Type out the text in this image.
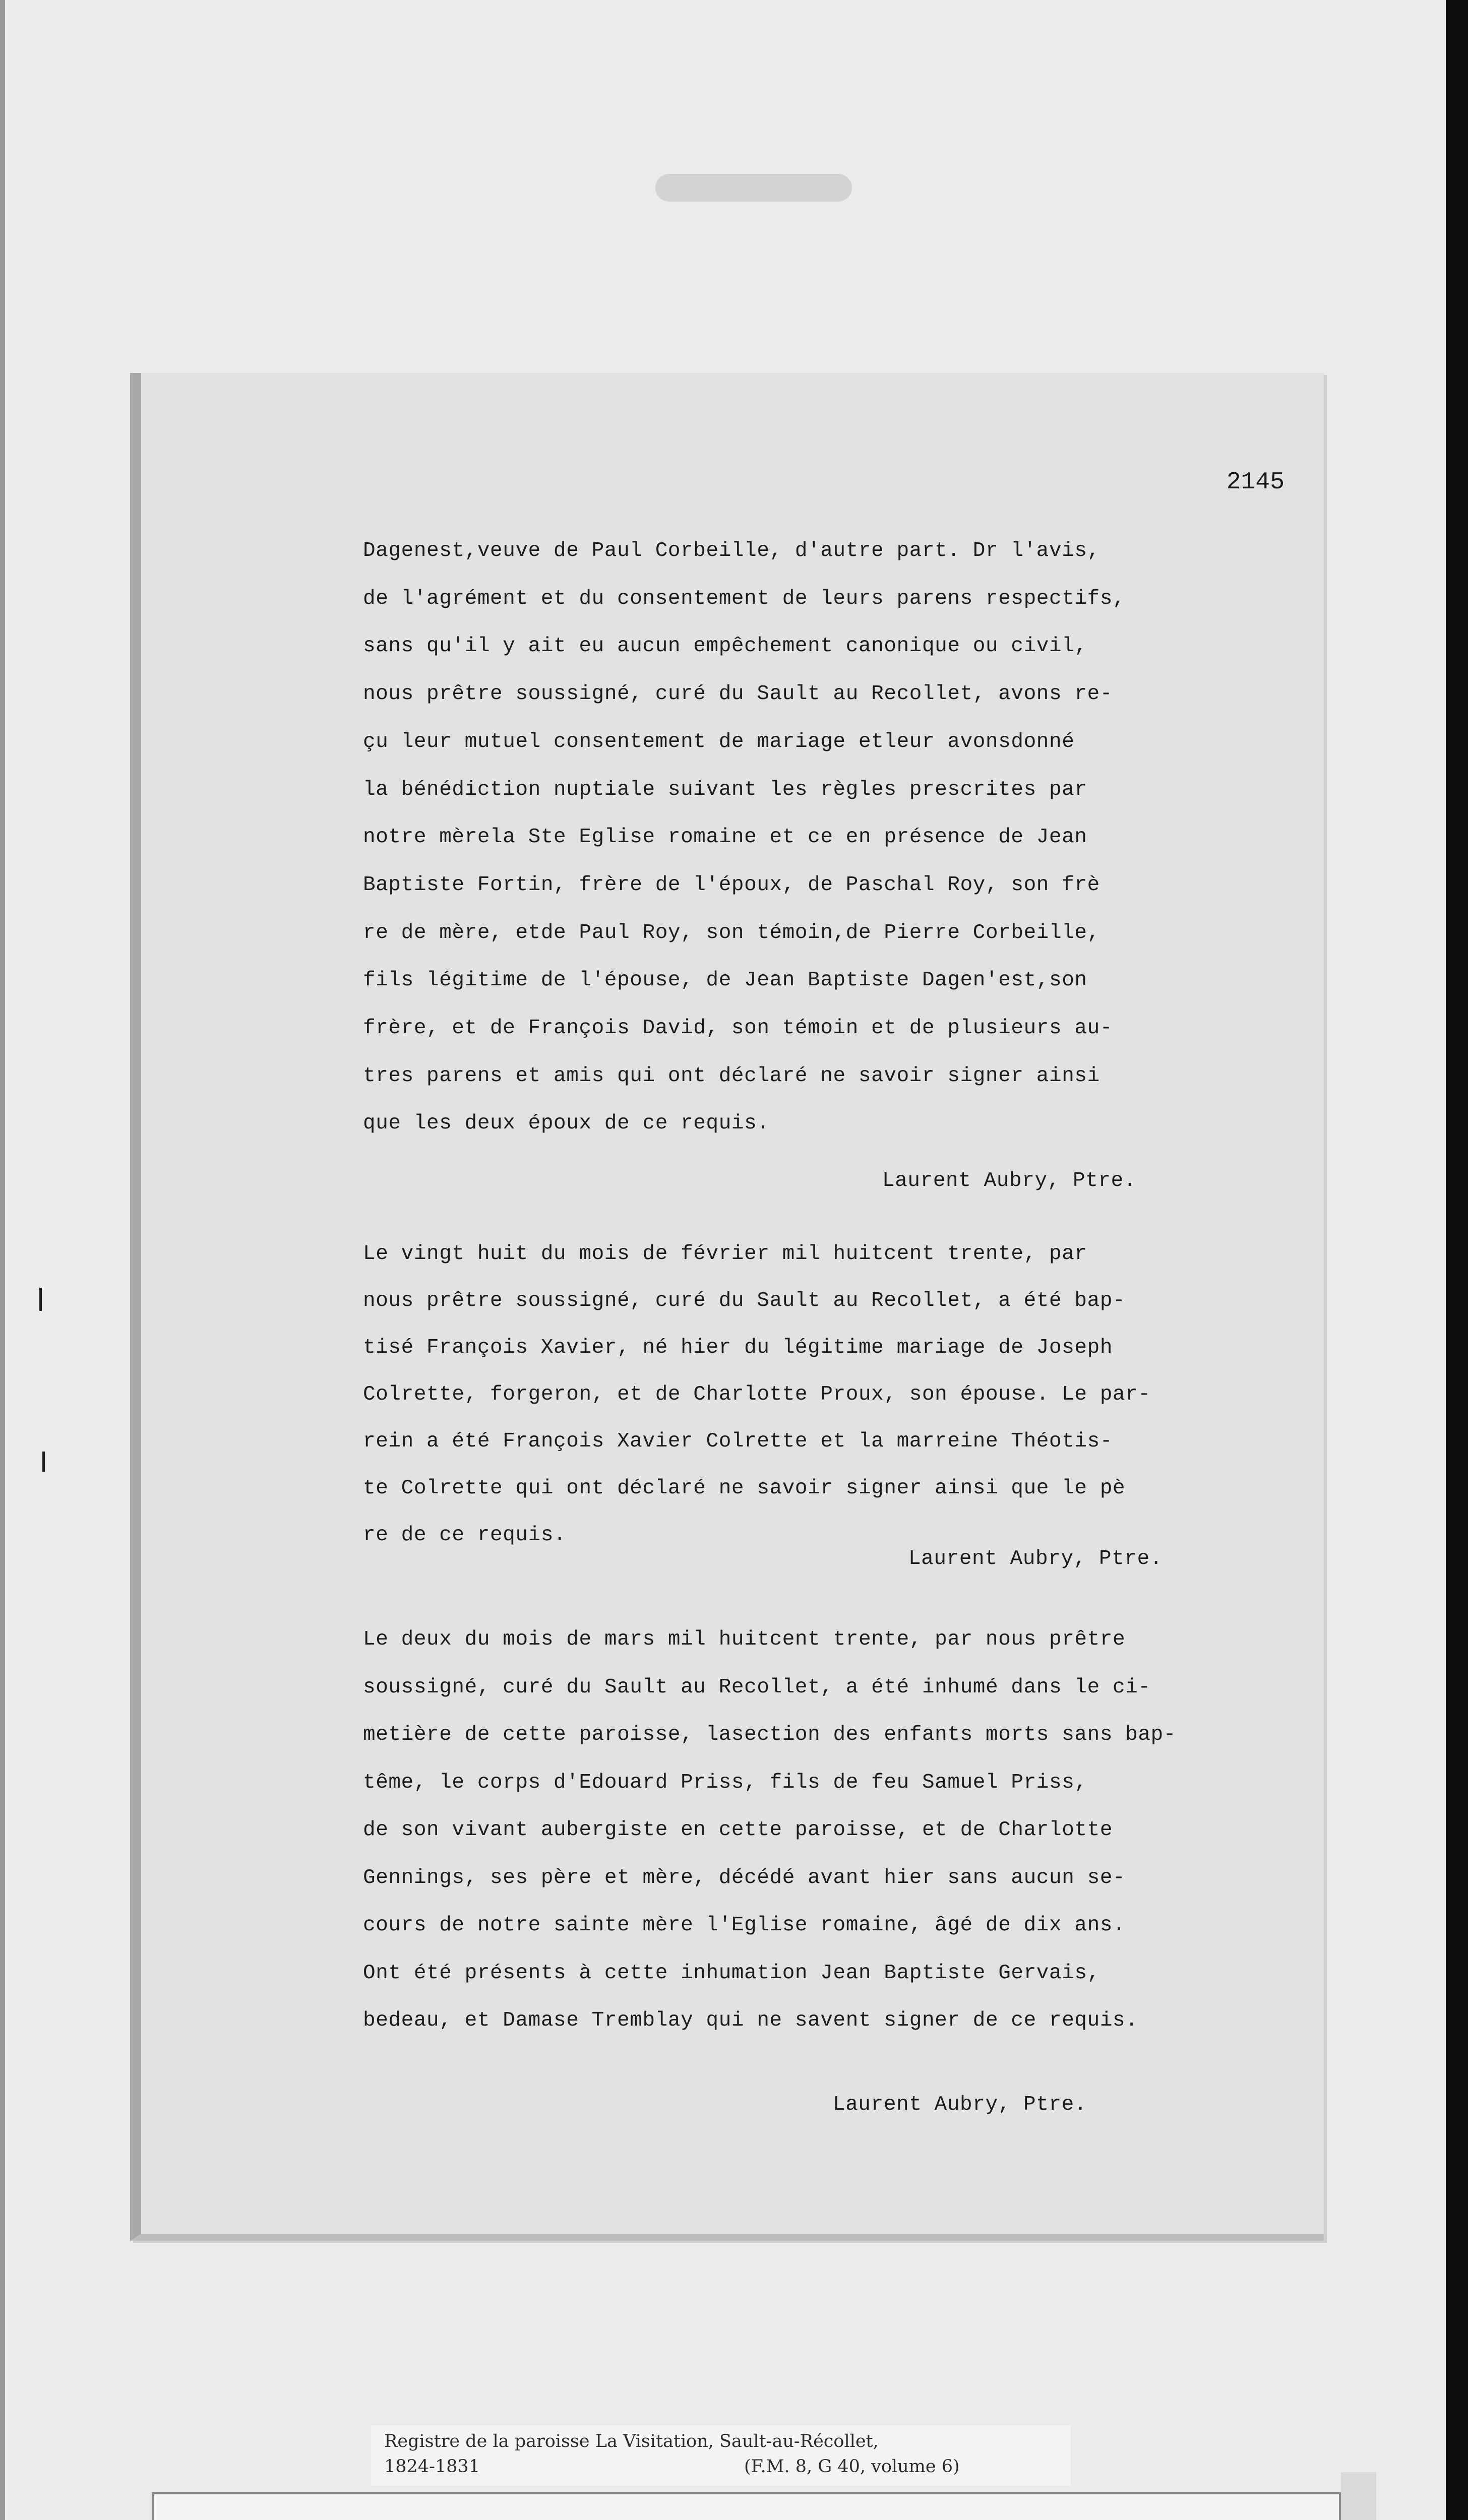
2145
Dagenest,veuve de Paul Corbeille, d'autre part. Dr l'avis,
de l'agrément et du consentement de leurs parens respectifs,
sans qu'il y ait eu aucun empêchement canonique ou civil,
nous prêtre soussigné, curé du Sault au Recollet, avons re-
çu leur mutuel consentement de mariage etleur avonsdonné
la bénédiction nuptiale suivant les règles prescrites par
notre mèrela Ste Eglise romaine et ce en présence de Jean
Baptiste Fortin, frère de l'époux, de Paschal Roy, son frè
re de mère, etde Paul Roy, son témoin,de Pierre Corbeille,
fils légitime de l'épouse, de Jean Baptiste Dagen'est,son
frère, et de François David, son témoin et de plusieurs au-
tres parens et amis qui ont déclaré ne savoir signer ainsi
que les deux époux de ce requis.
Laurent Aubry, Ptre.
Le vingt huit du mois de février mil huitcent trente, par
nous prêtre soussigné, curé du Sault au Recollet, a été bap-
tisé François Xavier, né hier du légitime mariage de Joseph
Colrette, forgeron, et de Charlotte Proux, son épouse. Le par-
rein a été François Xavier Colrette et la marreine Théotis-
te Colrette qui ont déclaré ne savoir signer ainsi que le pè
re de ce requis.
Laurent Aubry, Ptre.
Le deux du mois de mars mil huitcent trente, par nous prêtre
soussigné, curé du Sault au Recollet, a été inhumé dans le ci-
metière de cette paroisse, lasection des enfants morts sans bap-
tême, le corps d'Edouard Priss, fils de feu Samuel Priss,
de son vivant aubergiste en cette paroisse, et de Charlotte
Gennings, ses père et mère, décédé avant hier sans aucun se-
cours de notre sainte mère l'Eglise romaine, âgé de dix ans.
Ont été présents à cette inhumation Jean Baptiste Gervais,
bedeau, et Damase Tremblay qui ne savent signer de ce requis.
Laurent Aubry, Ptre.
Registre de la paroisse La Visitation, Sault-au-Récollet,
1824-1831	(F.M. 8, G 40, volume 6)
